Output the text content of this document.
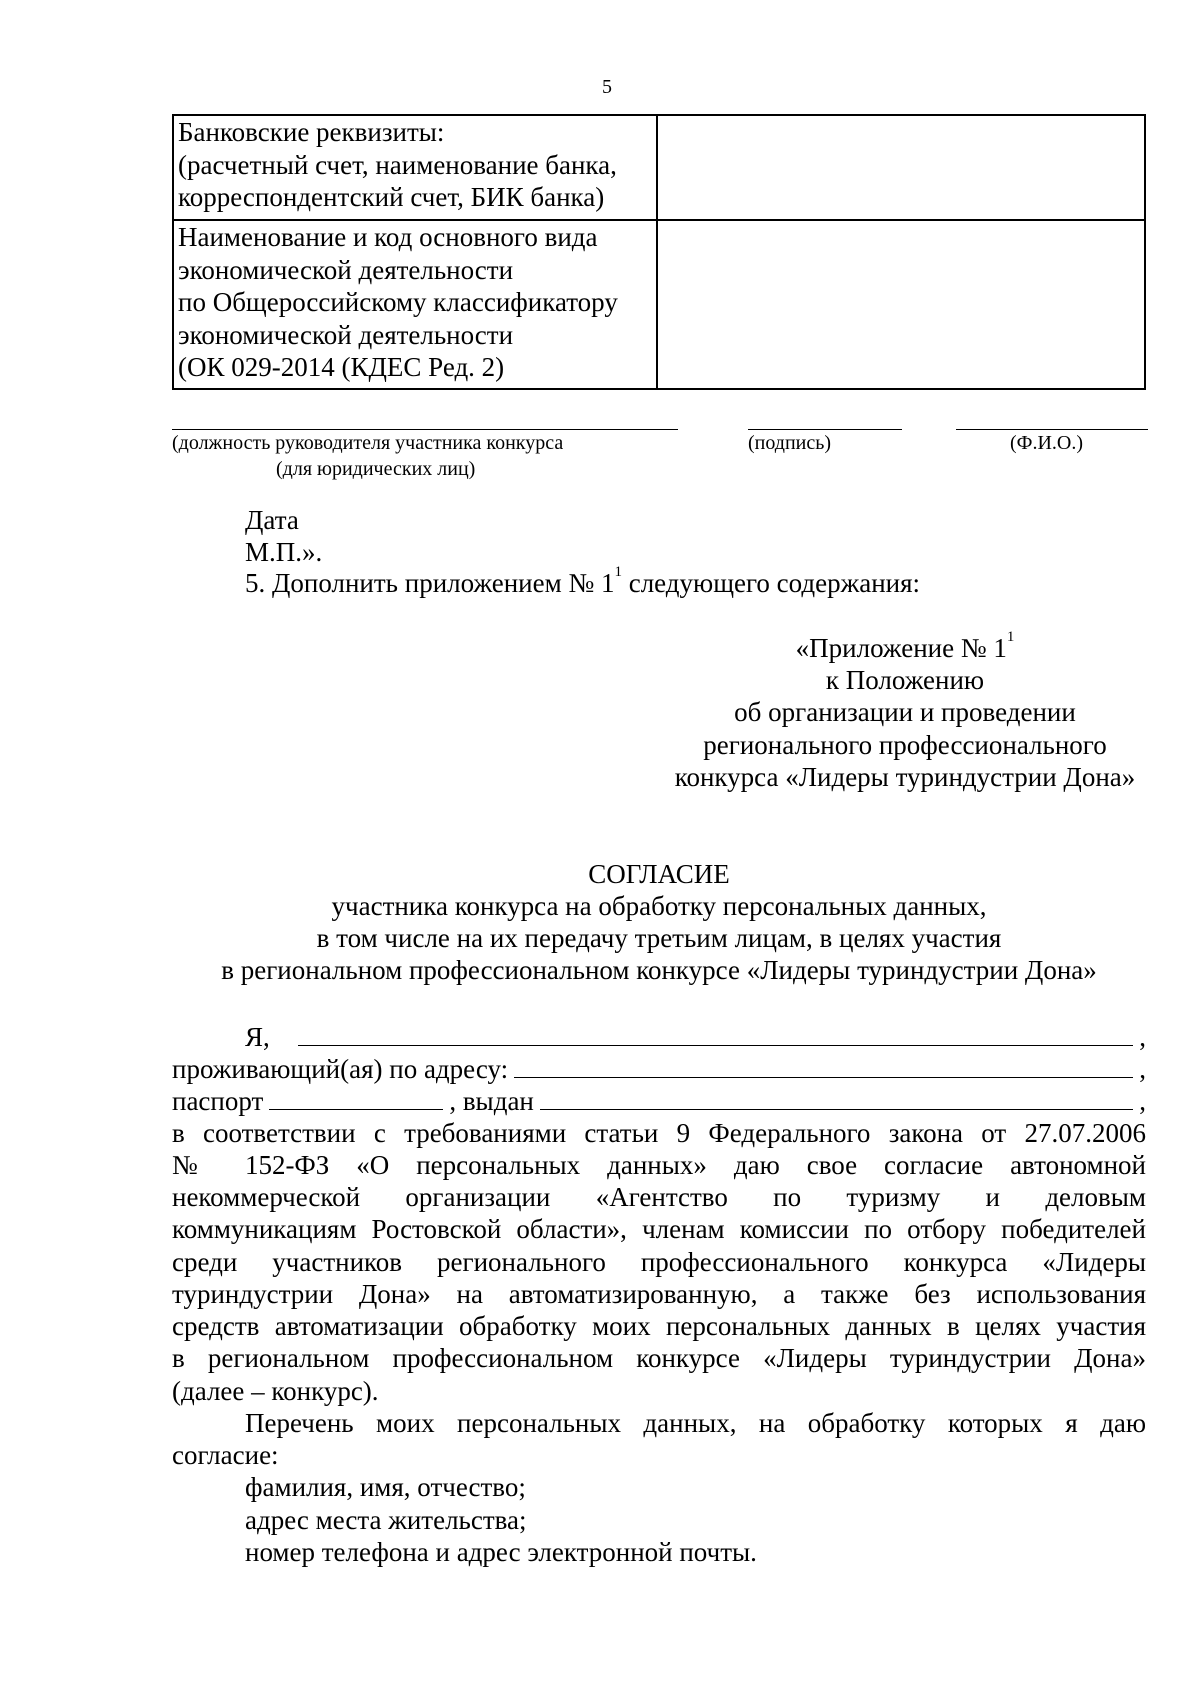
5
Банковские реквизиты:
(расчетный счет, наименование банка,
корреспондентский счет, БИК банка)	

Наименование и код основного вида
экономической деятельности
по Общероссийскому классификатору
экономической деятельности
(ОК 029-2014 (КДЕС Ред. 2)	

(должность руководителя участника конкурса
(для юридических лиц)
(подпись)	(Ф.И.О.)
Дата
М.П.».
5. Дополнить приложением № $1^1$ следующего содержания:
«Приложение № $1^1$
к Положению
об организации и проведении
регионального профессионального
конкурса «Лидеры туриндустрии Дона»
СОГЛАСИЕ
участника конкурса на обработку персональных данных,
в том числе на их передачу третьим лицам, в целях участия
в региональном профессиональном конкурсе «Лидеры туриндустрии Дона»
Я,	,
проживающий(ая) по адресу:	,
паспорт	, выдан	,
в соответствии с требованиями статьи 9 Федерального закона от 27.07.2006
№ 152-ФЗ «О персональных данных» даю свое согласие автономной
некоммерческой организации «Агентство по туризму и деловым
коммуникациям Ростовской области», членам комиссии по отбору победителей
среди участников регионального профессионального конкурса «Лидеры
туриндустрии Дона» на автоматизированную, а также без использования
средств автоматизации обработку моих персональных данных в целях участия
в региональном профессиональном конкурсе «Лидеры туриндустрии Дона»
(далее – конкурс).
Перечень моих персональных данных, на обработку которых я даю
согласие:
фамилия, имя, отчество;
адрес места жительства;
номер телефона и адрес электронной почты.
